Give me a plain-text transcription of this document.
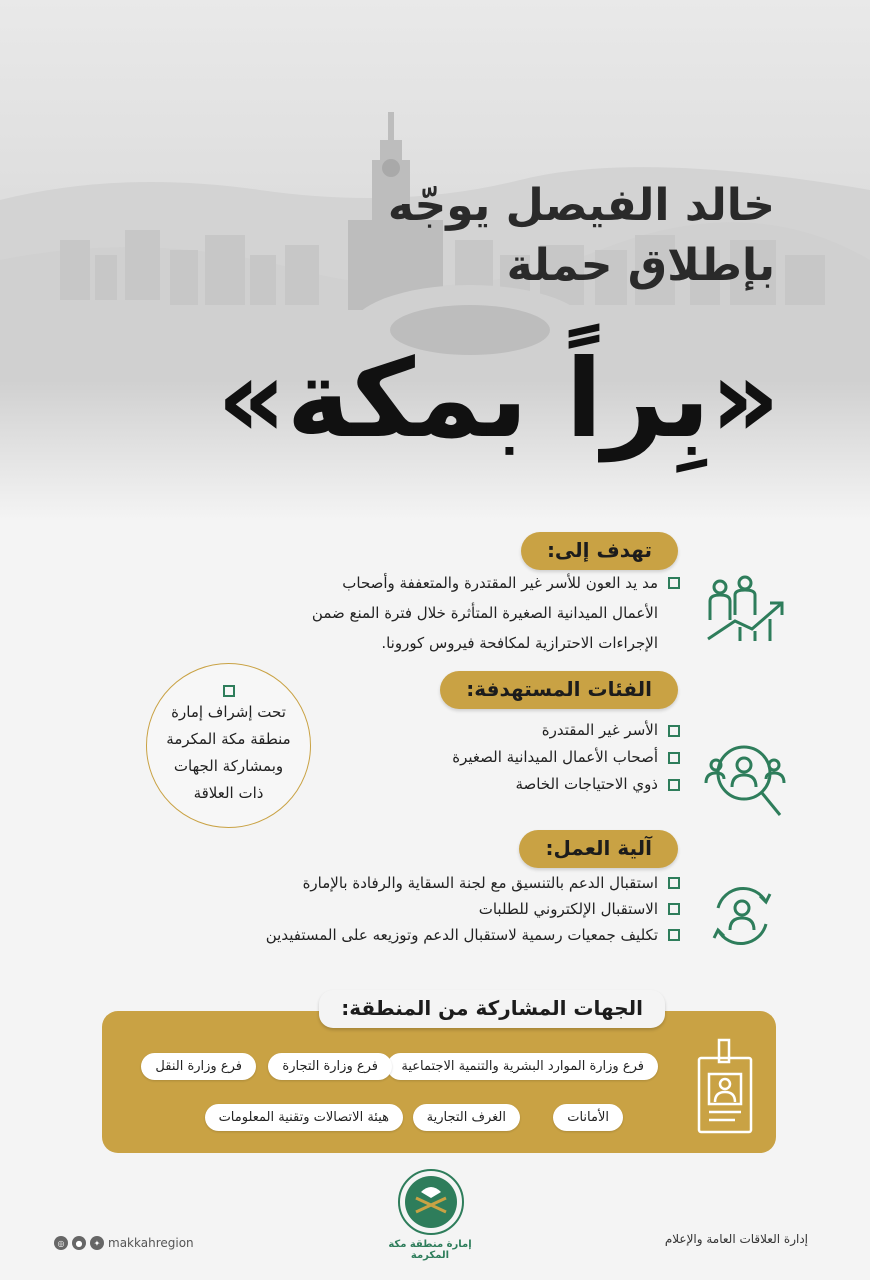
خالد الفيصل يوجّه
بإطلاق حملة
«بِراً بمكة»
تهدف إلى:
مد يد العون للأسر غير المقتدرة والمتعففة وأصحاب
الأعمال الميدانية الصغيرة المتأثرة خلال فترة المنع ضمن
الإجراءات الاحترازية لمكافحة فيروس كورونا.
الفئات المستهدفة:
الأسر غير المقتدرة
أصحاب الأعمال الميدانية الصغيرة
ذوي الاحتياجات الخاصة
تحت إشراف إمارة
منطقة مكة المكرمة
وبمشاركة الجهات
ذات العلاقة
آلية العمل:
استقبال الدعم بالتنسيق مع لجنة السقاية والرفادة بالإمارة
الاستقبال الإلكتروني للطلبات
تكليف جمعيات رسمية لاستقبال الدعم وتوزيعه على المستفيدين
الجهات المشاركة من المنطقة:
فرع وزارة الموارد البشرية والتنمية الاجتماعية
فرع وزارة التجارة
فرع وزارة النقل
الأمانات
الغرف التجارية
هيئة الاتصالات وتقنية المعلومات
إمارة منطقة مكة المكرمة
◎	●	✦ makkahregion	إدارة العلاقات العامة والإعلام
